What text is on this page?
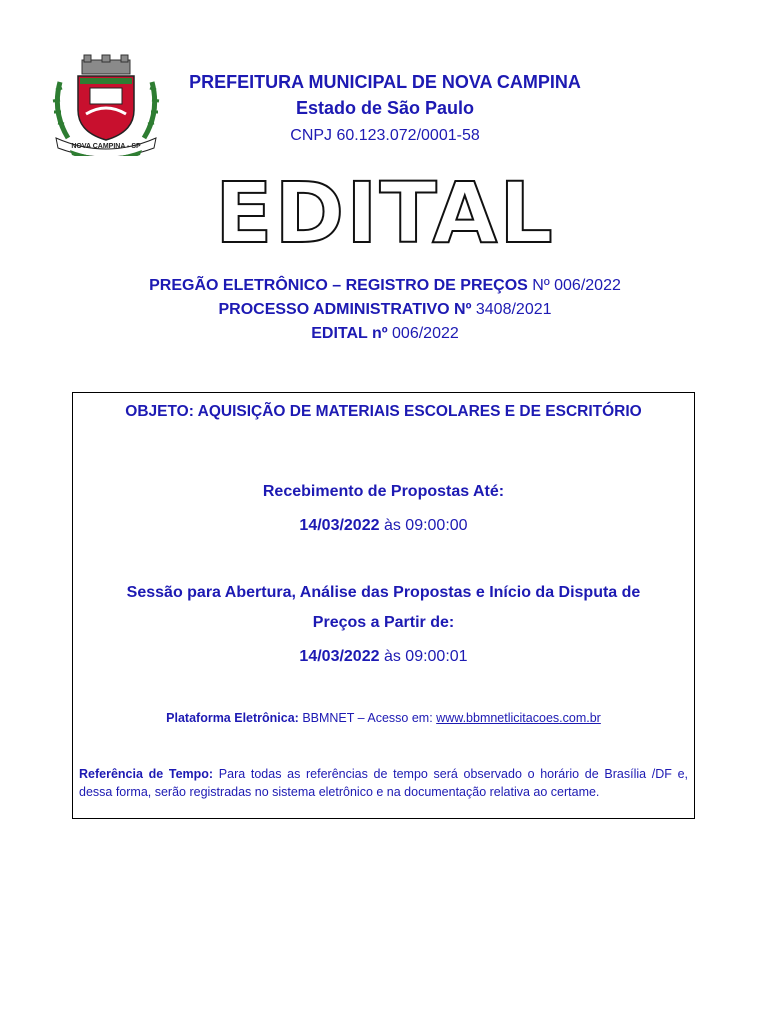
NOVA CAMPINA - SP
PREFEITURA MUNICIPAL DE NOVA CAMPINA
Estado de São Paulo
CNPJ 60.123.072/0001-58
EDITAL
PREGÃO ELETRÔNICO – REGISTRO DE PREÇOS Nº 006/2022
PROCESSO ADMINISTRATIVO Nº 3408/2021
EDITAL nº 006/2022
OBJETO: AQUISIÇÃO DE MATERIAIS ESCOLARES E DE ESCRITÓRIO
Recebimento de Propostas Até:
14/03/2022 às 09:00:00
Sessão para Abertura, Análise das Propostas e Início da Disputa de
Preços a Partir de:
14/03/2022 às 09:00:01
Plataforma Eletrônica: BBMNET – Acesso em: www.bbmnetlicitacoes.com.br
Referência de Tempo: Para todas as referências de tempo será observado o horário de Brasília /DF e, dessa forma, serão registradas no sistema eletrônico e na documentação relativa ao certame.
